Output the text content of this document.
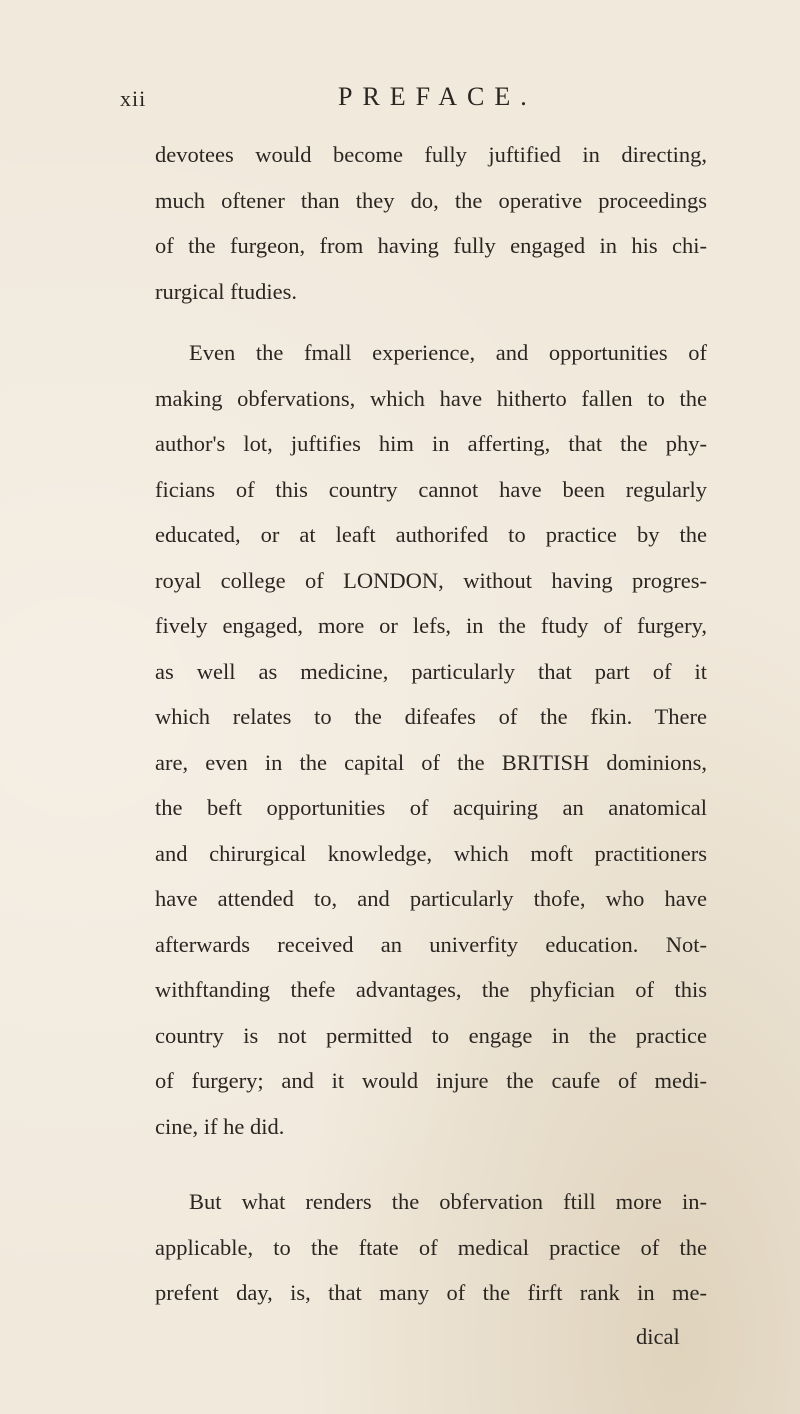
xii	PREFACE.
devotees would become fully juftified in directing,
much oftener than they do, the operative proceedings
of the furgeon, from having fully engaged in his chi-
rurgical ftudies.
Even the fmall experience, and opportunities of
making obfervations, which have hitherto fallen to the
author's lot, juftifies him in afferting, that the phy-
ficians of this country cannot have been regularly
educated, or at leaft authorifed to practice by the
royal college of LONDON, without having progres-
fively engaged, more or lefs, in the ftudy of furgery,
as well as medicine, particularly that part of it
which relates to the difeafes of the fkin. There
are, even in the capital of the BRITISH dominions,
the beft opportunities of acquiring an anatomical
and chirurgical knowledge, which moft practitioners
have attended to, and particularly thofe, who have
afterwards received an univerfity education. Not-
withftanding thefe advantages, the phyfician of this
country is not permitted to engage in the practice
of furgery; and it would injure the caufe of medi-
cine, if he did.
But what renders the obfervation ftill more in-
applicable, to the ftate of medical practice of the
prefent day, is, that many of the firft rank in me-
dical
